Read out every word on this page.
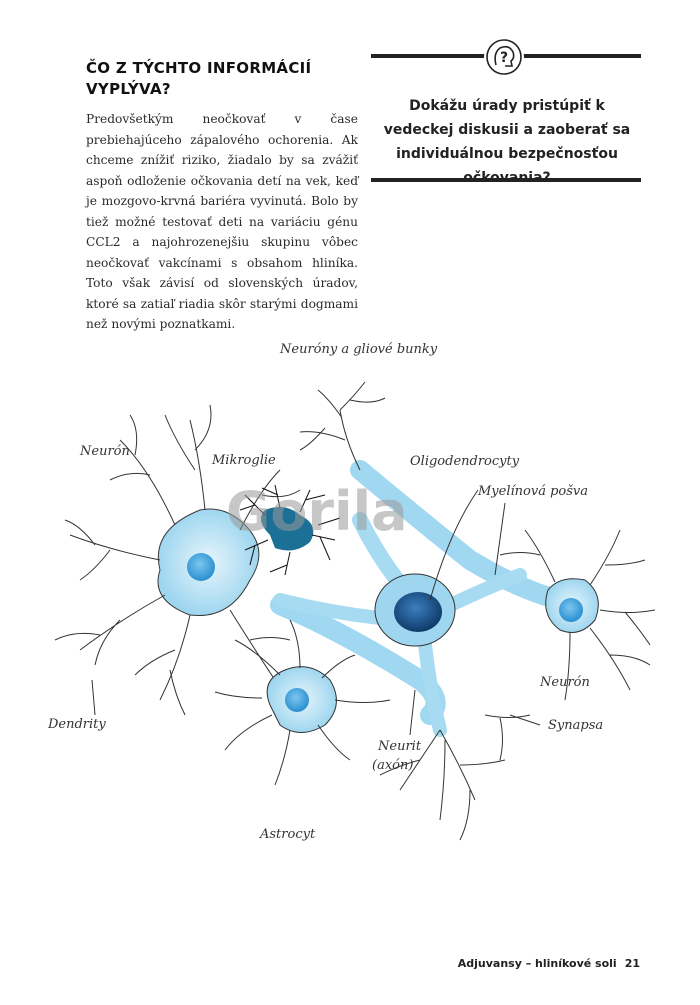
ČO Z TÝCHTO INFORMÁCIÍ VYPLÝVA?
Predovšetkým neočkovať v čase prebiehajúceho zápalového ochorenia. Ak chceme znížiť riziko, žiadalo by sa zvážiť aspoň odloženie očkovania detí na vek, keď je mozgovo-krvná bariéra vyvinutá. Bolo by tiež možné testovať deti na variáciu génu CCL2 a najohrozenejšiu skupinu vôbec neočkovať vakcínami s obsahom hliníka. Toto však závisí od slovenských úradov, ktoré sa zatiaľ riadia skôr starými dogmami než novými poznatkami.
?
Dokážu úrady pristúpiť k vedeckej diskusii a zaoberať sa individuálnou bezpečnosťou
Neuróny a gliové bunky
Neurón
Mikroglie	Oligodendrocyty
Myelínová pošva
Neurón
Synapsa
Dendrity
Neurit
(axón)
Astrocyt
Gorila
Adjuvansy – hliníkové soli 21
